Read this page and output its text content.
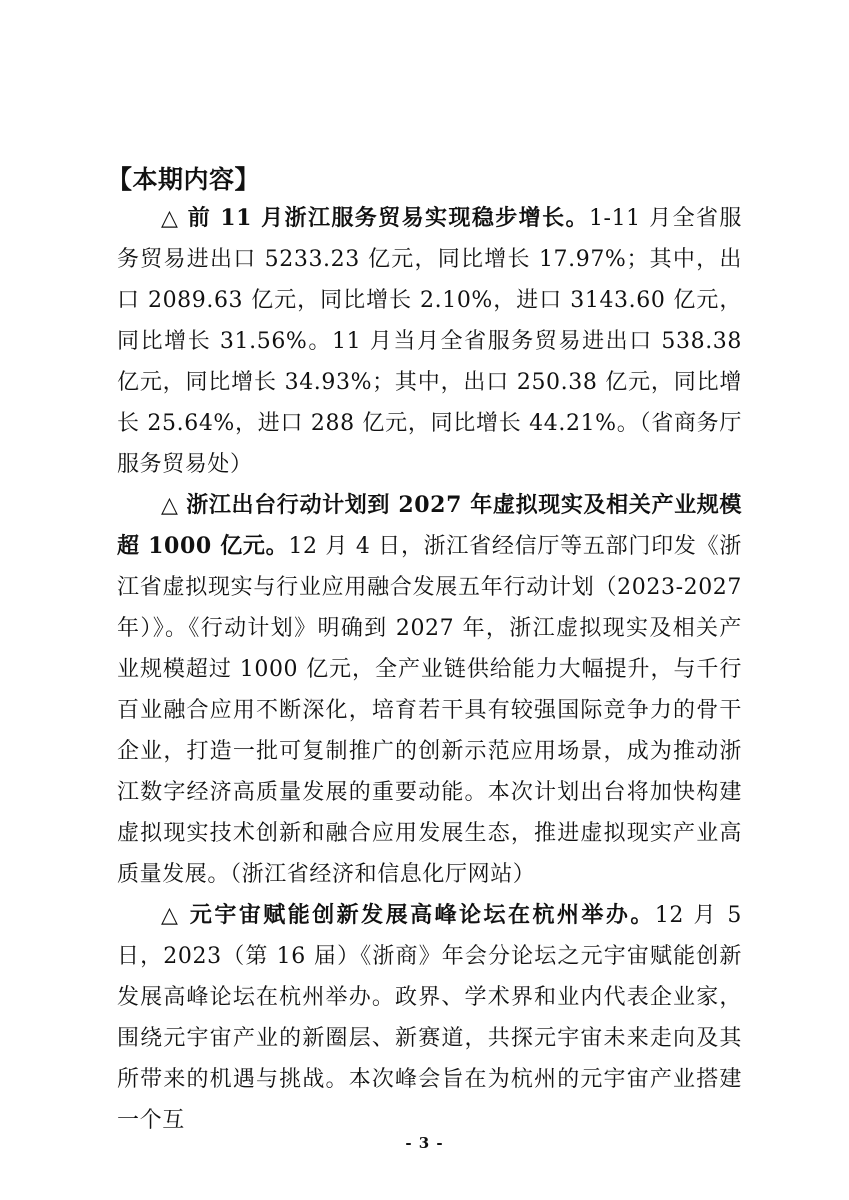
【本期内容】

△ 前 11 月浙江服务贸易实现稳步增长。1-11 月全省服务贸易进出口 5233.23 亿元，同比增长 17.97%；其中，出口 2089.63 亿元，同比增长 2.10%，进口 3143.60 亿元，同比增长 31.56%。11 月当月全省服务贸易进出口 538.38 亿元，同比增长 34.93%；其中，出口 250.38 亿元，同比增长 25.64%，进口 288 亿元，同比增长 44.21%。（省商务厅服务贸易处）

△ 浙江出台行动计划到 2027 年虚拟现实及相关产业规模超 1000 亿元。12 月 4 日，浙江省经信厅等五部门印发《浙江省虚拟现实与行业应用融合发展五年行动计划（2023-2027 年）》。《行动计划》明确到 2027 年，浙江虚拟现实及相关产业规模超过 1000 亿元，全产业链供给能力大幅提升，与千行百业融合应用不断深化，培育若干具有较强国际竞争力的骨干企业，打造一批可复制推广的创新示范应用场景，成为推动浙江数字经济高质量发展的重要动能。本次计划出台将加快构建虚拟现实技术创新和融合应用发展生态，推进虚拟现实产业高质量发展。（浙江省经济和信息化厅网站）

△ 元宇宙赋能创新发展高峰论坛在杭州举办。12 月 5 日，2023（第 16 届）《浙商》年会分论坛之元宇宙赋能创新发展高峰论坛在杭州举办。政界、学术界和业内代表企业家，围绕元宇宙产业的新圈层、新赛道，共探元宇宙未来走向及其所带来的机遇与挑战。本次峰会旨在为杭州的元宇宙产业搭建一个互

- 3 -
